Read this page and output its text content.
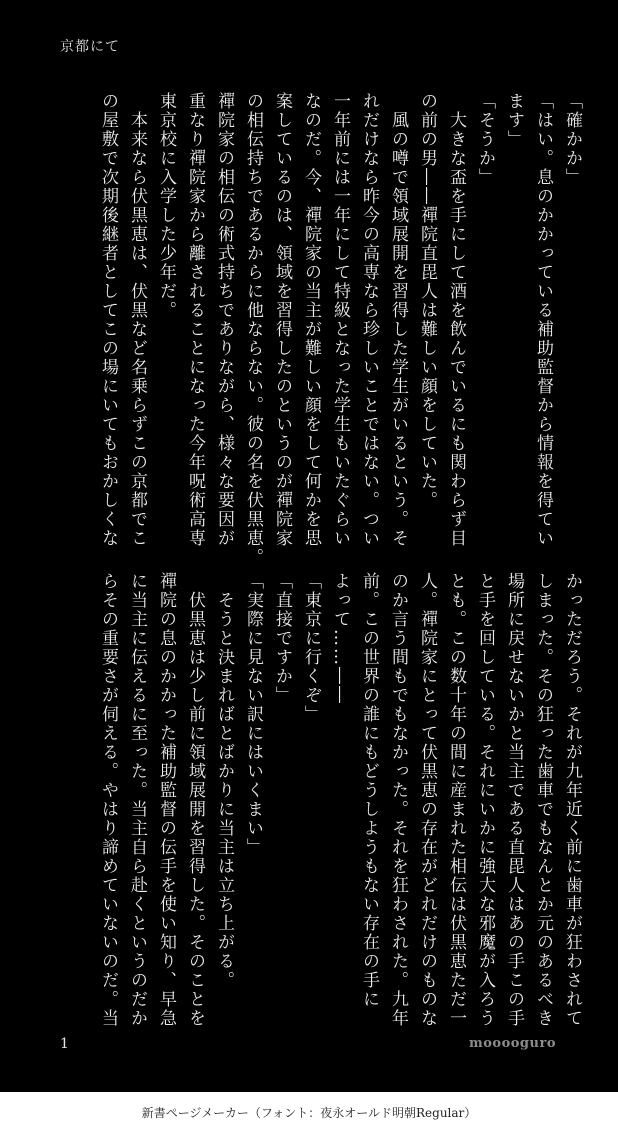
京都にて
「確かか」
「はい。息のかかっている補助監督から情報を得てい
ます」
「そうか」
　大きな盃を手にして酒を飲んでいるにも関わらず目
の前の男――禪院直毘人は難しい顔をしていた。
　風の噂で領域展開を習得した学生がいるという。そ
れだけなら昨今の高専なら珍しいことではない。つい
一年前には一年にして特級となった学生もいたぐらい
なのだ。今、禪院家の当主が難しい顔をして何かを思
案しているのは、領域を習得したのというのが禪院家
の相伝持ちであるからに他ならない。彼の名を伏黒恵。
禪院家の相伝の術式持ちでありながら、様々な要因が
重なり禪院家から離されることになった今年呪術高専
東京校に入学した少年だ。
　本来なら伏黒恵は、伏黒など名乗らずこの京都でこ
の屋敷で次期後継者としてこの場にいてもおかしくな
かっただろう。それが九年近く前に歯車が狂わされて
しまった。その狂った歯車でもなんとか元のあるべき
場所に戻せないかと当主である直毘人はあの手この手
と手を回している。それにいかに強大な邪魔が入ろう
とも。この数十年の間に産まれた相伝は伏黒恵ただ一
人。禪院家にとって伏黒恵の存在がどれだけのものな
のか言う間もでもなかった。それを狂わされた。九年
前。この世界の誰にもどうしようもない存在の手に
よって……――
「東京に行くぞ」
「直接ですか」
「実際に見ない訳にはいくまい」
　そうと決まればとばかりに当主は立ち上がる。
　伏黒恵は少し前に領域展開を習得した。そのことを
禪院の息のかかった補助監督の伝手を使い知り、早急
に当主に伝えるに至った。当主自ら赴くというのだか
らその重要さが伺える。やはり諦めていないのだ。当
1	mooooguro
新書ページメーカー（フォント：夜永オールド明朝Regular）
